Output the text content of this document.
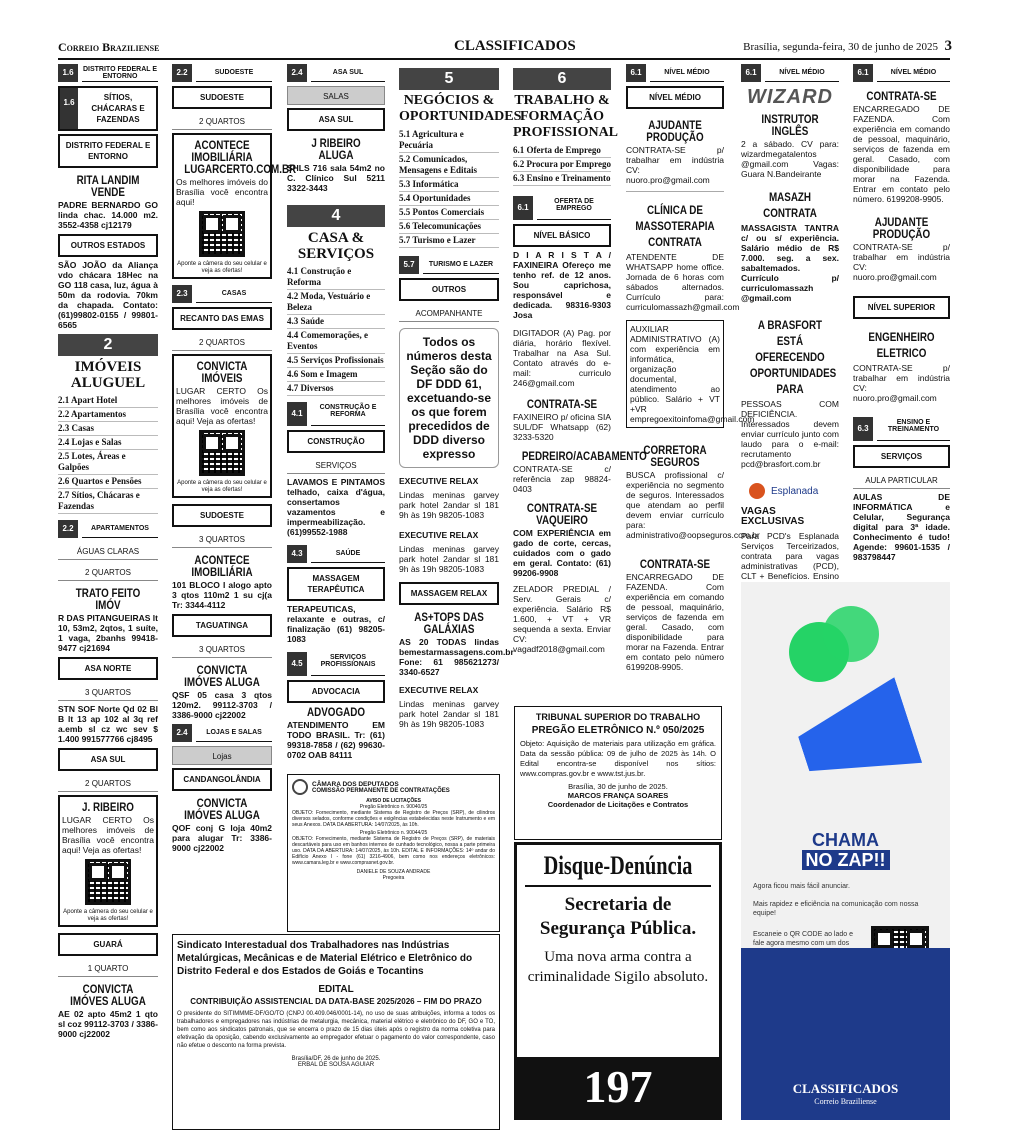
Correio Braziliense	CLASSIFICADOS	Brasília, segunda-feira, 30 de junho de 2025 3
1.6	DISTRITO FEDERAL E ENTORNO
1.6
SÍTIOS, CHÁCARAS E FAZENDAS
DISTRITO FEDERAL E ENTORNO
RITA LANDIM VENDE
PADRE BERNARDO GO linda chac. 14.000 m2. 3552-4358 cj12179
OUTROS ESTADOS
SÃO JOÃO da Aliança vdo chácara 18Hec na GO 118 casa, luz, água à 50m da rodovia. 70km da chapada. Contato: (61)99802-0155 / 99801-6565
2
IMÓVEIS ALUGUEL
2.1 Apart Hotel
2.2 Apartamentos
2.3 Casas
2.4 Lojas e Salas
2.5 Lotes, Áreas e Galpões
2.6 Quartos e Pensões
2.7 Sítios, Chácaras e Fazendas
2.2	APARTAMENTOS
ÁGUAS CLARAS
2 QUARTOS
TRATO FEITO IMÓV
R DAS PITANGUEIRAS lt 10, 53m2, 2qtos, 1 suíte, 1 vaga, 2banhs 99418-9477 cj21694
ASA NORTE
3 QUARTOS
STN SOF Norte Qd 02 Bl B lt 13 ap 102 al 3q ref a.emb sl cz wc sev $ 1.400 991577766 cj8495
ASA SUL
2 QUARTOS
J. RIBEIRO
LUGAR CERTO Os melhores imóveis de Brasília você encontra aqui! Veja as ofertas!
Aponte a câmera do seu celular e veja as ofertas!
GUARÁ
1 QUARTO
CONVICTA IMÓVES ALUGA
AE 02 apto 45m2 1 qto sl coz 99112-3703 / 3386-9000 cj22002
2.2	SUDOESTE
SUDOESTE
2 QUARTOS
ACONTECE IMOBILIÁRIA LUGARCERTO.COM.BR
Os melhores imóveis do Brasília você encontra aqui!
Aponte a câmera do seu celular e veja as ofertas!
2.3	CASAS
RECANTO DAS EMAS
2 QUARTOS
CONVICTA IMÓVEIS
LUGAR CERTO Os melhores imóveis de Brasília você encontra aqui! Veja as ofertas!
Aponte a câmera do seu celular e veja as ofertas!
SUDOESTE
3 QUARTOS
ACONTECE IMOBILIÁRIA
101 BLOCO I alogo apto 3 qtos 110m2 1 su cj(a Tr: 3344-4112
TAGUATINGA
3 QUARTOS
CONVICTA IMÓVES ALUGA
QSF 05 casa 3 qtos 120m2. 99112-3703 / 3386-9000 cj22002
2.4	LOJAS E SALAS
Lojas
CANDANGOLÂNDIA
CONVICTA IMÓVES ALUGA
QOF conj G loja 40m2 para alugar Tr: 3386-9000 cj22002
2.4	ASA SUL
SALAS
ASA SUL
J RIBEIRO ALUGA
SHLS 716 sala 54m2 no C. Clínico Sul 5211 3322-3443
4
CASA & SERVIÇOS
4.1 Construção e Reforma
4.2 Moda, Vestuário e Beleza
4.3 Saúde
4.4 Comemorações, e Eventos
4.5 Serviços Profissionais
4.6 Som e Imagem
4.7 Diversos
4.1
CONSTRUÇÃO E REFORMA
CONSTRUÇÃO
SERVIÇOS
LAVAMOS E PINTAMOS telhado, caixa d'água, consertamos vazamentos e impermeabilização. (61)99552-1988
4.3	SAÚDE
MASSAGEM TERAPÊUTICA
TERAPEUTICAS, relaxante e outras, c/ finalização (61) 98205-1083
4.5
SERVIÇOS PROFISSIONAIS
ADVOCACIA
ADVOGADO
ATENDIMENTO EM TODO BRASIL. Tr: (61) 99318-7858 / (62) 99630-0702 OAB 84111
CÂMARA DOS DEPUTADOS
COMISSÃO PERMANENTE DE CONTRATAÇÕES
AVISO DE LICITAÇÕES
Pregão Eletrônico n. 90040/25
OBJETO: Fornecimento, mediante Sistema de Registro de Preços (SRP), de cilindros diversos selados, conforme condições e exigências estabelecidas neste Instrumento e em seus Anexos. DATA DA ABERTURA: 14/07/2025, às 10h.
Pregão Eletrônico n. 90044/25
OBJETO: Fornecimento, mediante Sistema de Registro de Preços (SRP), de materiais descartáveis para uso em banhos internos de cunhado tecnológico, nossa a parte primeira uso. DATA DA ABERTURA: 14/07/2025, às 10h. EDITAL E INFORMAÇÕES: 14º andar do Edifício Anexo I - fone (61) 3216-4906, bem como nos endereços eletrônicos: www.camara.leg.br e www.comprasnet.gov.br.
DANIELE DE SOUZA ANDRADE
Pregoeira
5
NEGÓCIOS & OPORTUNIDADES
5.1 Agricultura e Pecuária
5.2 Comunicados, Mensagens e Editais
5.3 Informática
5.4 Oportunidades
5.5 Pontos Comerciais
5.6 Telecomunicações
5.7 Turismo e Lazer
5.7	TURISMO E LAZER
OUTROS
ACOMPANHANTE
Todos os números desta Seção são do DF DDD 61, excetuando-se os que forem precedidos de DDD diverso expresso
EXECUTIVE RELAX
Lindas meninas garvey park hotel 2andar sl 181 9h às 19h 98205-1083
EXECUTIVE RELAX
Lindas meninas garvey park hotel 2andar sl 181 9h às 19h 98205-1083
MASSAGEM RELAX
AS+TOPS DAS GALÁXIAS
AS 20 TODAS lindas bemestarmassagens.com.br Fone: 61 985621273/ 3340-6527
EXECUTIVE RELAX
Lindas meninas garvey park hotel 2andar sl 181 9h às 19h 98205-1083
6
TRABALHO & FORMAÇÃO PROFISSIONAL
6.1 Oferta de Emprego
6.2 Procura por Emprego
6.3 Ensino e Treinamento
6.1
OFERTA DE EMPREGO
NÍVEL BÁSICO
D I A R I S T A / FAXINEIRA Ofereço me tenho ref. de 12 anos. Sou caprichosa, responsável e dedicada. 98316-9303 Josa
DIGITADOR (A) Pag. por diária, horário flexível. Trabalhar na Asa Sul. Contato através do e-mail: curriculo 246@gmail.com
CONTRATA-SE
FAXINEIRO p/ oficina SIA SUL/DF Whatsapp (62) 3233-5320
PEDREIRO/ACABAMENTO
CONTRATA-SE c/ referência zap 98824-0403
CONTRATA-SE VAQUEIRO
COM EXPERIÊNCIA em gado de corte, cercas, cuidados com o gado em geral. Contato: (61) 99206-9908
ZELADOR PREDIAL / Serv. Gerais c/ experiência. Salário R$ 1.600, + VT + VR sequenda a sexta. Enviar CV: vagadf2018@gmail.com
TRIBUNAL SUPERIOR DO TRABALHO
PREGÃO ELETRÔNICO N.º 050/2025
Objeto: Aquisição de materiais para utilização em gráfica. Data da sessão pública: 09 de julho de 2025 às 14h. O Edital encontra-se disponível nos sítios: www.compras.gov.br e www.tst.jus.br.
Brasília, 30 de junho de 2025.
MARCOS FRANÇA SOARES
Coordenador de Licitações e Contratos
Disque-Denúncia
Secretaria de Segurança Pública.
Uma nova arma contra a criminalidade Sigilo absoluto.
197
Sindicato Interestadual dos Trabalhadores nas Indústrias Metalúrgicas, Mecânicas e de Material Elétrico e Eletrônico do Distrito Federal e dos Estados de Goiás e Tocantins
EDITAL
CONTRIBUIÇÃO ASSISTENCIAL DA DATA-BASE 2025/2026 – FIM DO PRAZO
O presidente do SITIMMME-DF/GO/TO (CNPJ 00.409.046/0001-14), no uso de suas atribuições, informa a todos os trabalhadores e empregadores nas indústrias de metalurgia, mecânica, material elétrico e eletrônico do DF, GO e TO, bem como aos sindicatos patronais, que se encerra o prazo de 15 dias úteis após o registro da norma coletiva para efetivação da oposição, cabendo exclusivamente ao empregador efetuar o pagamento do valor correspondente, caso não efetue o desconto na forma prevista.
Brasília/DF, 26 de junho de 2025.
ERBAL DE SOUSA AGUIAR
6.1	NÍVEL MÉDIO
NÍVEL MÉDIO
AJUDANTE PRODUÇÃO
CONTRATA-SE p/ trabalhar em indústria CV: nuoro.pro@gmail.com
CLÍNICA DE MASSOTERAPIA CONTRATA
ATENDENTE DE WHATSAPP home office. Jornada de 6 horas com sábados alternados. Currículo para: curriculomassazh@gmail.com
AUXILIAR ADMINISTRATIVO (A) com experiência em informática, organização documental, atendimento ao público. Salário + VT +VR empregoexitoinfoma@gmail.com
CORRETORA SEGUROS
BUSCA profissional c/ experiência no segmento de seguros. Interessados que atendam ao perfil devem enviar currículo para: administrativo@oopseguros.com.br
CONTRATA-SE
ENCARREGADO DE FAZENDA. Com experiência em comando de pessoal, maquinário, serviços de fazenda em geral. Casado, com disponibilidade para morar na Fazenda. Entrar em contato pelo número 6199208-9905.
6.1	NÍVEL MÉDIO
WIZARD
INSTRUTOR INGLÊS
2 a sábado. CV para: wizardmegatalentos @gmail.com Vagas: Guara N.Bandeirante
MASAZH CONTRATA
MASSAGISTA TANTRA c/ ou s/ experiência. Salário médio de R$ 7.000. seg. a sex. sabaltemados. Currículo p/ curriculomassazh @gmail.com
A BRASFORT ESTÁ OFERECENDO OPORTUNIDADES PARA
PESSOAS COM DEFICIÊNCIA. Interessados devem enviar currículo junto com laudo para o e-mail: recrutamento pcd@brasfort.com.br
Esplanada
VAGAS EXCLUSIVAS
Para PCD's Esplanada Serviços Terceirizados, contrata para vagas administrativas (PCD), CLT + Benefícios. Ensino
CHAMA
NO ZAP!!
Agora ficou mais fácil anunciar.
Mais rapidez e eficiência na comunicação com nossa equipe!
Escaneie o QR CODE ao lado e fale agora mesmo com um dos
CLASSIFICADOS
Correio Braziliense
6.1	NÍVEL MÉDIO
CONTRATA-SE
ENCARREGADO DE FAZENDA. Com experiência em comando de pessoal, maquinário, serviços de fazenda em geral. Casado, com disponibilidade para morar na Fazenda. Entrar em contato pelo número. 6199208-9905.
AJUDANTE PRODUÇÃO
CONTRATA-SE p/ trabalhar em indústria CV: nuoro.pro@gmail.com
NÍVEL SUPERIOR
ENGENHEIRO ELETRICO
CONTRATA-SE p/ trabalhar em indústria CV: nuoro.pro@gmail.com
6.3
ENSINO E TREINAMENTO
SERVIÇOS
AULA PARTICULAR
AULAS DE INFORMÁTICA e Celular, Segurança digital para 3ª idade. Conhecimento é tudo! Agende: 99601-1535 / 983798447
